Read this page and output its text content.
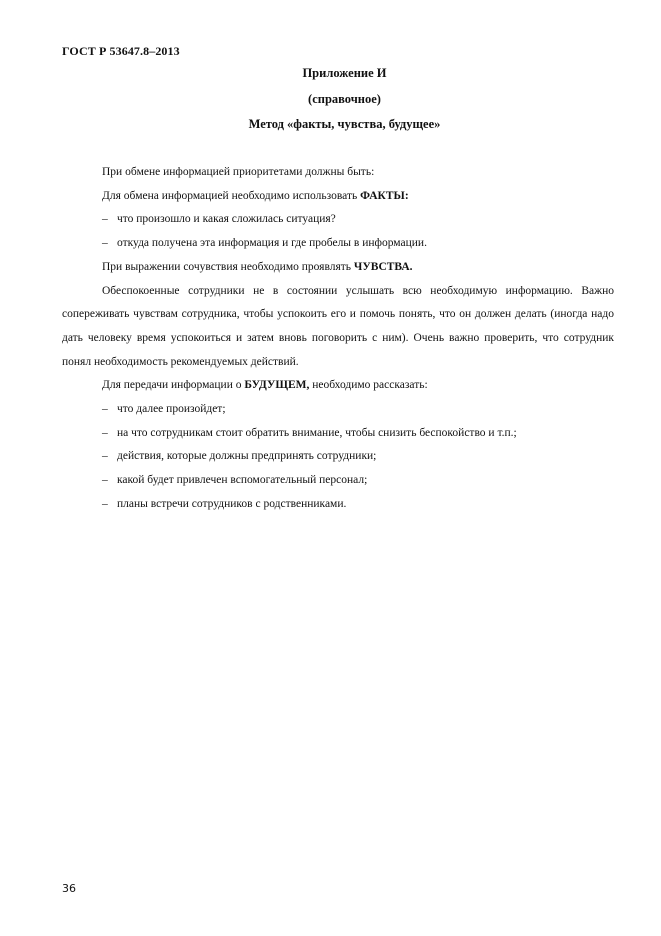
ГОСТ Р 53647.8–2013
Приложение И
(справочное)
Метод «факты, чувства, будущее»

При обмене информацией приоритетами должны быть:

Для обмена информацией необходимо использовать ФАКТЫ:

– что произошло и какая сложилась ситуация?

– откуда получена эта информация и где пробелы в информации.

При выражении сочувствия необходимо проявлять ЧУВСТВА.

Обеспокоенные сотрудники не в состоянии услышать всю необходимую информацию. Важно сопереживать чувствам сотрудника, чтобы успокоить его и помочь понять, что он должен делать (иногда надо дать человеку время успокоиться и затем вновь поговорить с ним). Очень важно проверить, что сотрудник понял необходимость рекомендуемых действий.

Для передачи информации о БУДУЩЕМ, необходимо рассказать:

– что далее произойдет;

– на что сотрудникам стоит обратить внимание, чтобы снизить беспокойство и т.п.;

– действия, которые должны предпринять сотрудники;

– какой будет привлечен вспомогательный персонал;

– планы встречи сотрудников с родственниками.

36
